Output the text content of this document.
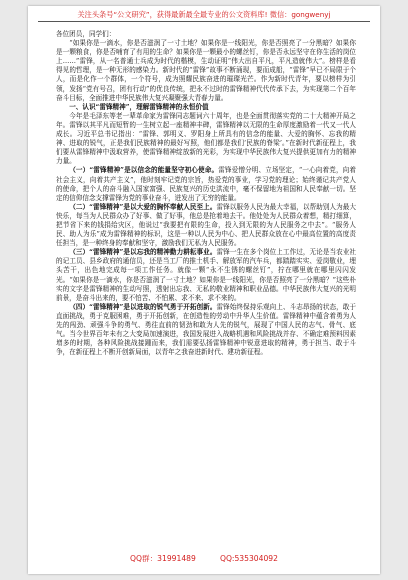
关注头条号“公文研究”，获得最新最全最专业的公文资料库! 微信：gongwenyj

各位团员，同学们：

“如果你是一滴水，你是否滋润了一寸土地？如果你是一线阳光，你是否照亮了一分黑暗？如果你是一颗粮食，你是否哺育了有用的生命？如果你是一颗最小的螺丝钉，你是否永远坚守在你生活的岗位上……”雷锋，从一名普通士兵成为时代的楷模，生动证明“伟大出自平凡，平凡造就伟大”。榜样是看得见的哲理，是一种无形的感染力。新时代的“雷锋”故事不断涌现，要而成船，“雷锋”早已不局限于个人，而是化作一个群体，一个符号，成为照耀民族奋进的璀璨光芒。作为新时代青年，要以榜样为引领，发扬“党有号召，团有行动”的优良传统，把永不过时的雷锋精神代代传承下去，为实现第二个百年奋斗目标，全面推进中华民族伟大复兴凝聚强大青春力量。

一、认识“雷锋精神”，理解雷锋精神的永恒价值

今年是毛泽东等老一辈革命家为雷锋同志题词六十周年，也是全面贯彻落实党的二十大精神开局之年。雷锋以其平凡而短暂的一生树立起一座精神丰碑，雷锋精神以无限的生命厚度激励着一代又一代人成长。习近平总书记指出：“雷锋、郭明义、罗阳身上所具有的信念的能量、大爱的胸怀、忘我的精神、进取的锐气，正是我们民族精神的最好写照，他们都是我们‘民族的脊梁’。”在新时代新征程上，我们要从雷锋精神中汲取营养，使雷锋精神绽放新的光彩，为实现中华民族伟大复兴提供更加有力的精神力量。

（一）“雷锋精神”是以信念的能量坚守初心使命。雷锋爱憎分明、立场坚定，“一心向着党，向着社会主义，向着共产主义”，他时刻牢记党的宗旨，热爱党的事业，学习党的理论；始终谨记共产党人的使命，把个人的奋斗融入国家富强、民族复兴的历史洪流中，毫不保留地为祖国和人民奉献一切。坚定的信仰信念支撑雷锋为党的事业奋斗，迸发出了无穷的能量。

（二）“雷锋精神”是以大爱的胸怀奉献人民至上。雷锋以服务人民为最大幸福，以帮助别人为最大快乐，每当为人民群众办了好事、做了好事，他总是抢着地去干。他处处为人民群众着想，精打细算，把节省下来的钱捐给灾区，他说过“我要把有限的生命，投入到无限的为人民服务之中去”。“服务人民、助人为乐”成为雷锋精神的标识，这是一种以人民为中心、把人民群众放在心中最高位置的高度责任担当，是一种终身的奉献和坚守，激励我们无私为人民服务。

（三）“雷锋精神”是以忘我的精神勤力耕耘事业。雷锋一生在多个岗位上工作过，无论是当农业社的记工员、县乡政府的通信员，还是当工厂的推土机手、解放军的汽车兵，都踏踏实实、爱岗敬业，埋头苦干，出色地完成每一项工作任务。就像一颗“永不生锈的螺丝钉”，拧在哪里就在哪里闪闪发光。“如果你是一滴水，你是否滋润了一寸土地？如果你是一线阳光，你是否照亮了一分黑暗？”这些朴实的文字是雷锋精神的生动写照，透射出忘我、无私的敬业精神和职业品德。中华民族伟大复兴的光明前景，是奋斗出来的，要不怕苦、不怕累、求不来、求不来的。

（四）“雷锋精神”是以进取的锐气勇于开拓创新。雷锋始终保持乐观向上、斗志昂扬的状态，敢于直面挑战，勇于克服困难，勇于开拓创新，在创造性的劳动中升华人生价值。雷锋精神中蕴含着勇为人先的闯劲、顽强斗争的勇气、勇往直前的韧劲和敢为人先的锐气，展现了中国人民的志气、骨气、底气。当今世界百年未有之大变局加速演进，我国发展进入战略机遇和风险挑战并存、不确定难预料因素增多的时期，各种风险挑战接踵而来，我们需要弘扬雷锋精神中锐意进取的精神，勇于担当、敢于斗争，在新征程上不断开创新局面，以青年之我奋进新时代、建功新征程。

QQ群：31991489          QQ:535304092
